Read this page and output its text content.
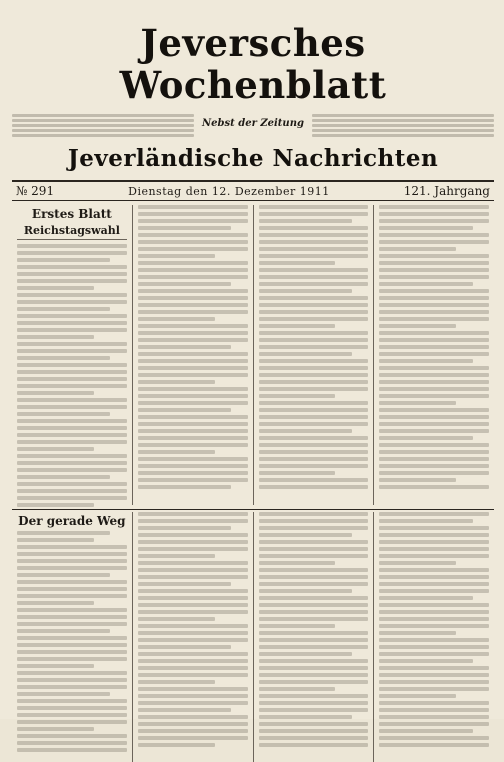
Jeversches Wochenblatt
Nebst der Zeitung
Jeverländische Nachrichten
№ 291	Dienstag den 12. Dezember 1911	121. Jahrgang
Erstes Blatt
Reichstagswahl
Der gerade Weg
